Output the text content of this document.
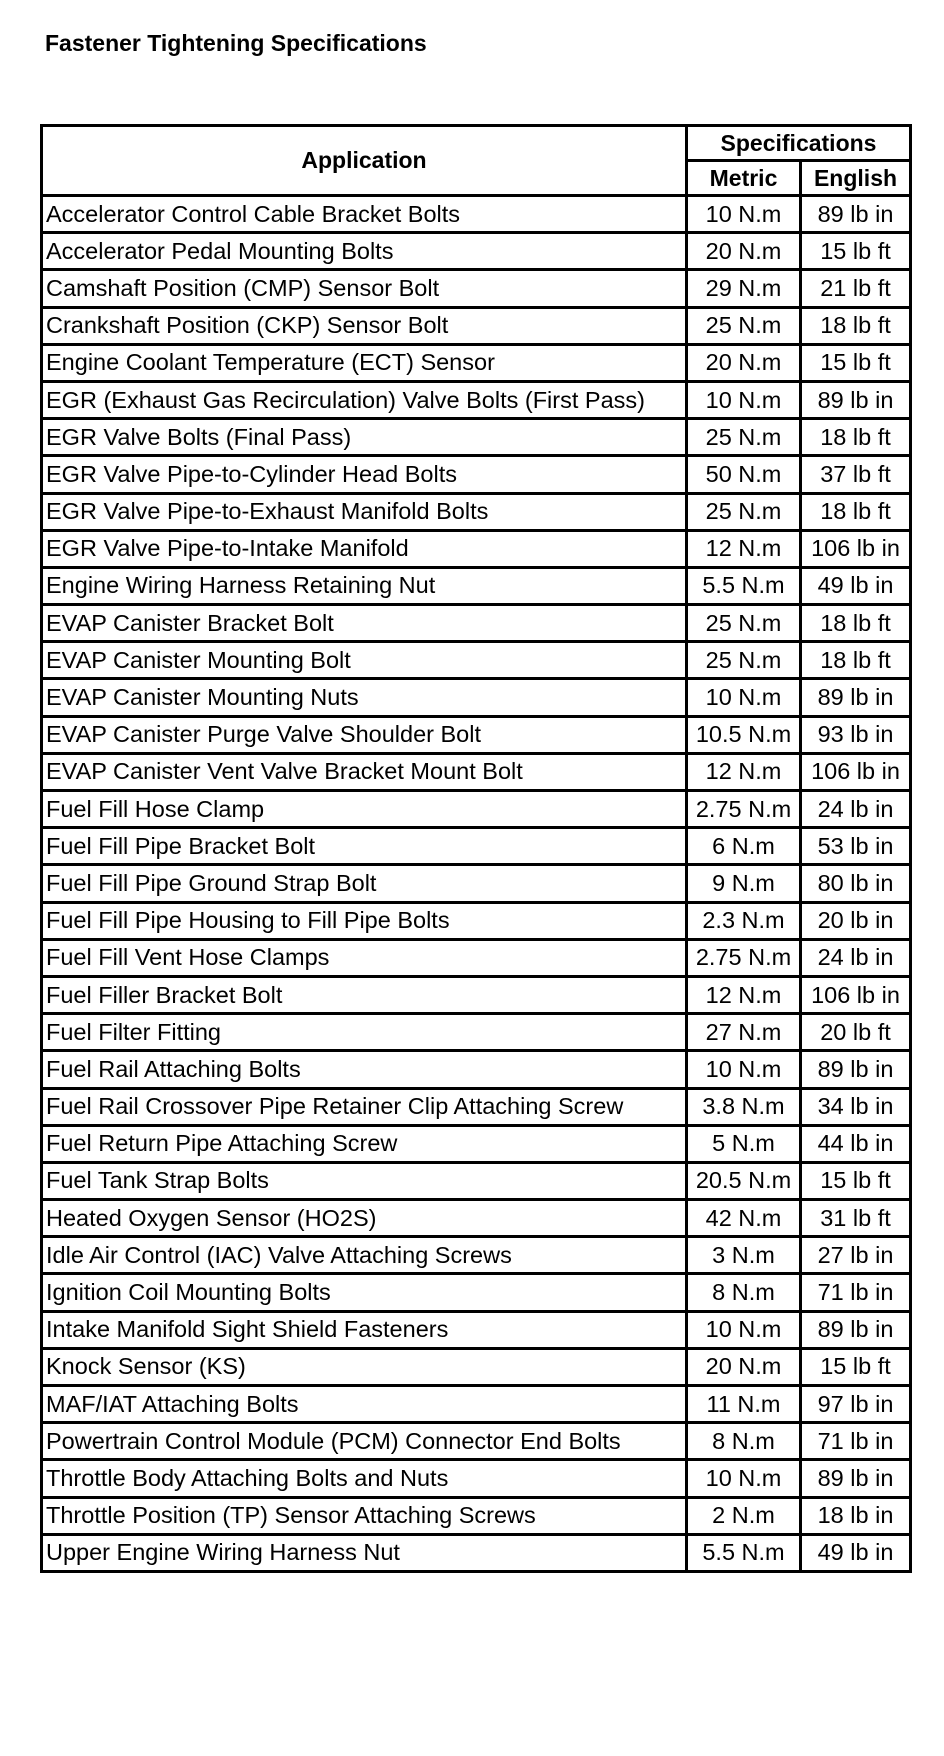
Fastener Tightening Specifications
Application	Specifications	
	Metric	English
Accelerator Control Cable Bracket Bolts	10 N.m	89 lb in
Accelerator Pedal Mounting Bolts	20 N.m	15 lb ft
Camshaft Position (CMP) Sensor Bolt	29 N.m	21 lb ft
Crankshaft Position (CKP) Sensor Bolt	25 N.m	18 lb ft
Engine Coolant Temperature (ECT) Sensor	20 N.m	15 lb ft
EGR (Exhaust Gas Recirculation) Valve Bolts (First Pass)	10 N.m	89 lb in
EGR Valve Bolts (Final Pass)	25 N.m	18 lb ft
EGR Valve Pipe-to-Cylinder Head Bolts	50 N.m	37 lb ft
EGR Valve Pipe-to-Exhaust Manifold Bolts	25 N.m	18 lb ft
EGR Valve Pipe-to-Intake Manifold	12 N.m	106 lb in
Engine Wiring Harness Retaining Nut	5.5 N.m	49 lb in
EVAP Canister Bracket Bolt	25 N.m	18 lb ft
EVAP Canister Mounting Bolt	25 N.m	18 lb ft
EVAP Canister Mounting Nuts	10 N.m	89 lb in
EVAP Canister Purge Valve Shoulder Bolt	10.5 N.m	93 lb in
EVAP Canister Vent Valve Bracket Mount Bolt	12 N.m	106 lb in
Fuel Fill Hose Clamp	2.75 N.m	24 lb in
Fuel Fill Pipe Bracket Bolt	6 N.m	53 lb in
Fuel Fill Pipe Ground Strap Bolt	9 N.m	80 lb in
Fuel Fill Pipe Housing to Fill Pipe Bolts	2.3 N.m	20 lb in
Fuel Fill Vent Hose Clamps	2.75 N.m	24 lb in
Fuel Filler Bracket Bolt	12 N.m	106 lb in
Fuel Filter Fitting	27 N.m	20 lb ft
Fuel Rail Attaching Bolts	10 N.m	89 lb in
Fuel Rail Crossover Pipe Retainer Clip Attaching Screw	3.8 N.m	34 lb in
Fuel Return Pipe Attaching Screw	5 N.m	44 lb in
Fuel Tank Strap Bolts	20.5 N.m	15 lb ft
Heated Oxygen Sensor (HO2S)	42 N.m	31 lb ft
Idle Air Control (IAC) Valve Attaching Screws	3 N.m	27 lb in
Ignition Coil Mounting Bolts	8 N.m	71 lb in
Intake Manifold Sight Shield Fasteners	10 N.m	89 lb in
Knock Sensor (KS)	20 N.m	15 lb ft
MAF/IAT Attaching Bolts	11 N.m	97 lb in
Powertrain Control Module (PCM) Connector End Bolts	8 N.m	71 lb in
Throttle Body Attaching Bolts and Nuts	10 N.m	89 lb in
Throttle Position (TP) Sensor Attaching Screws	2 N.m	18 lb in
Upper Engine Wiring Harness Nut	5.5 N.m	49 lb in
